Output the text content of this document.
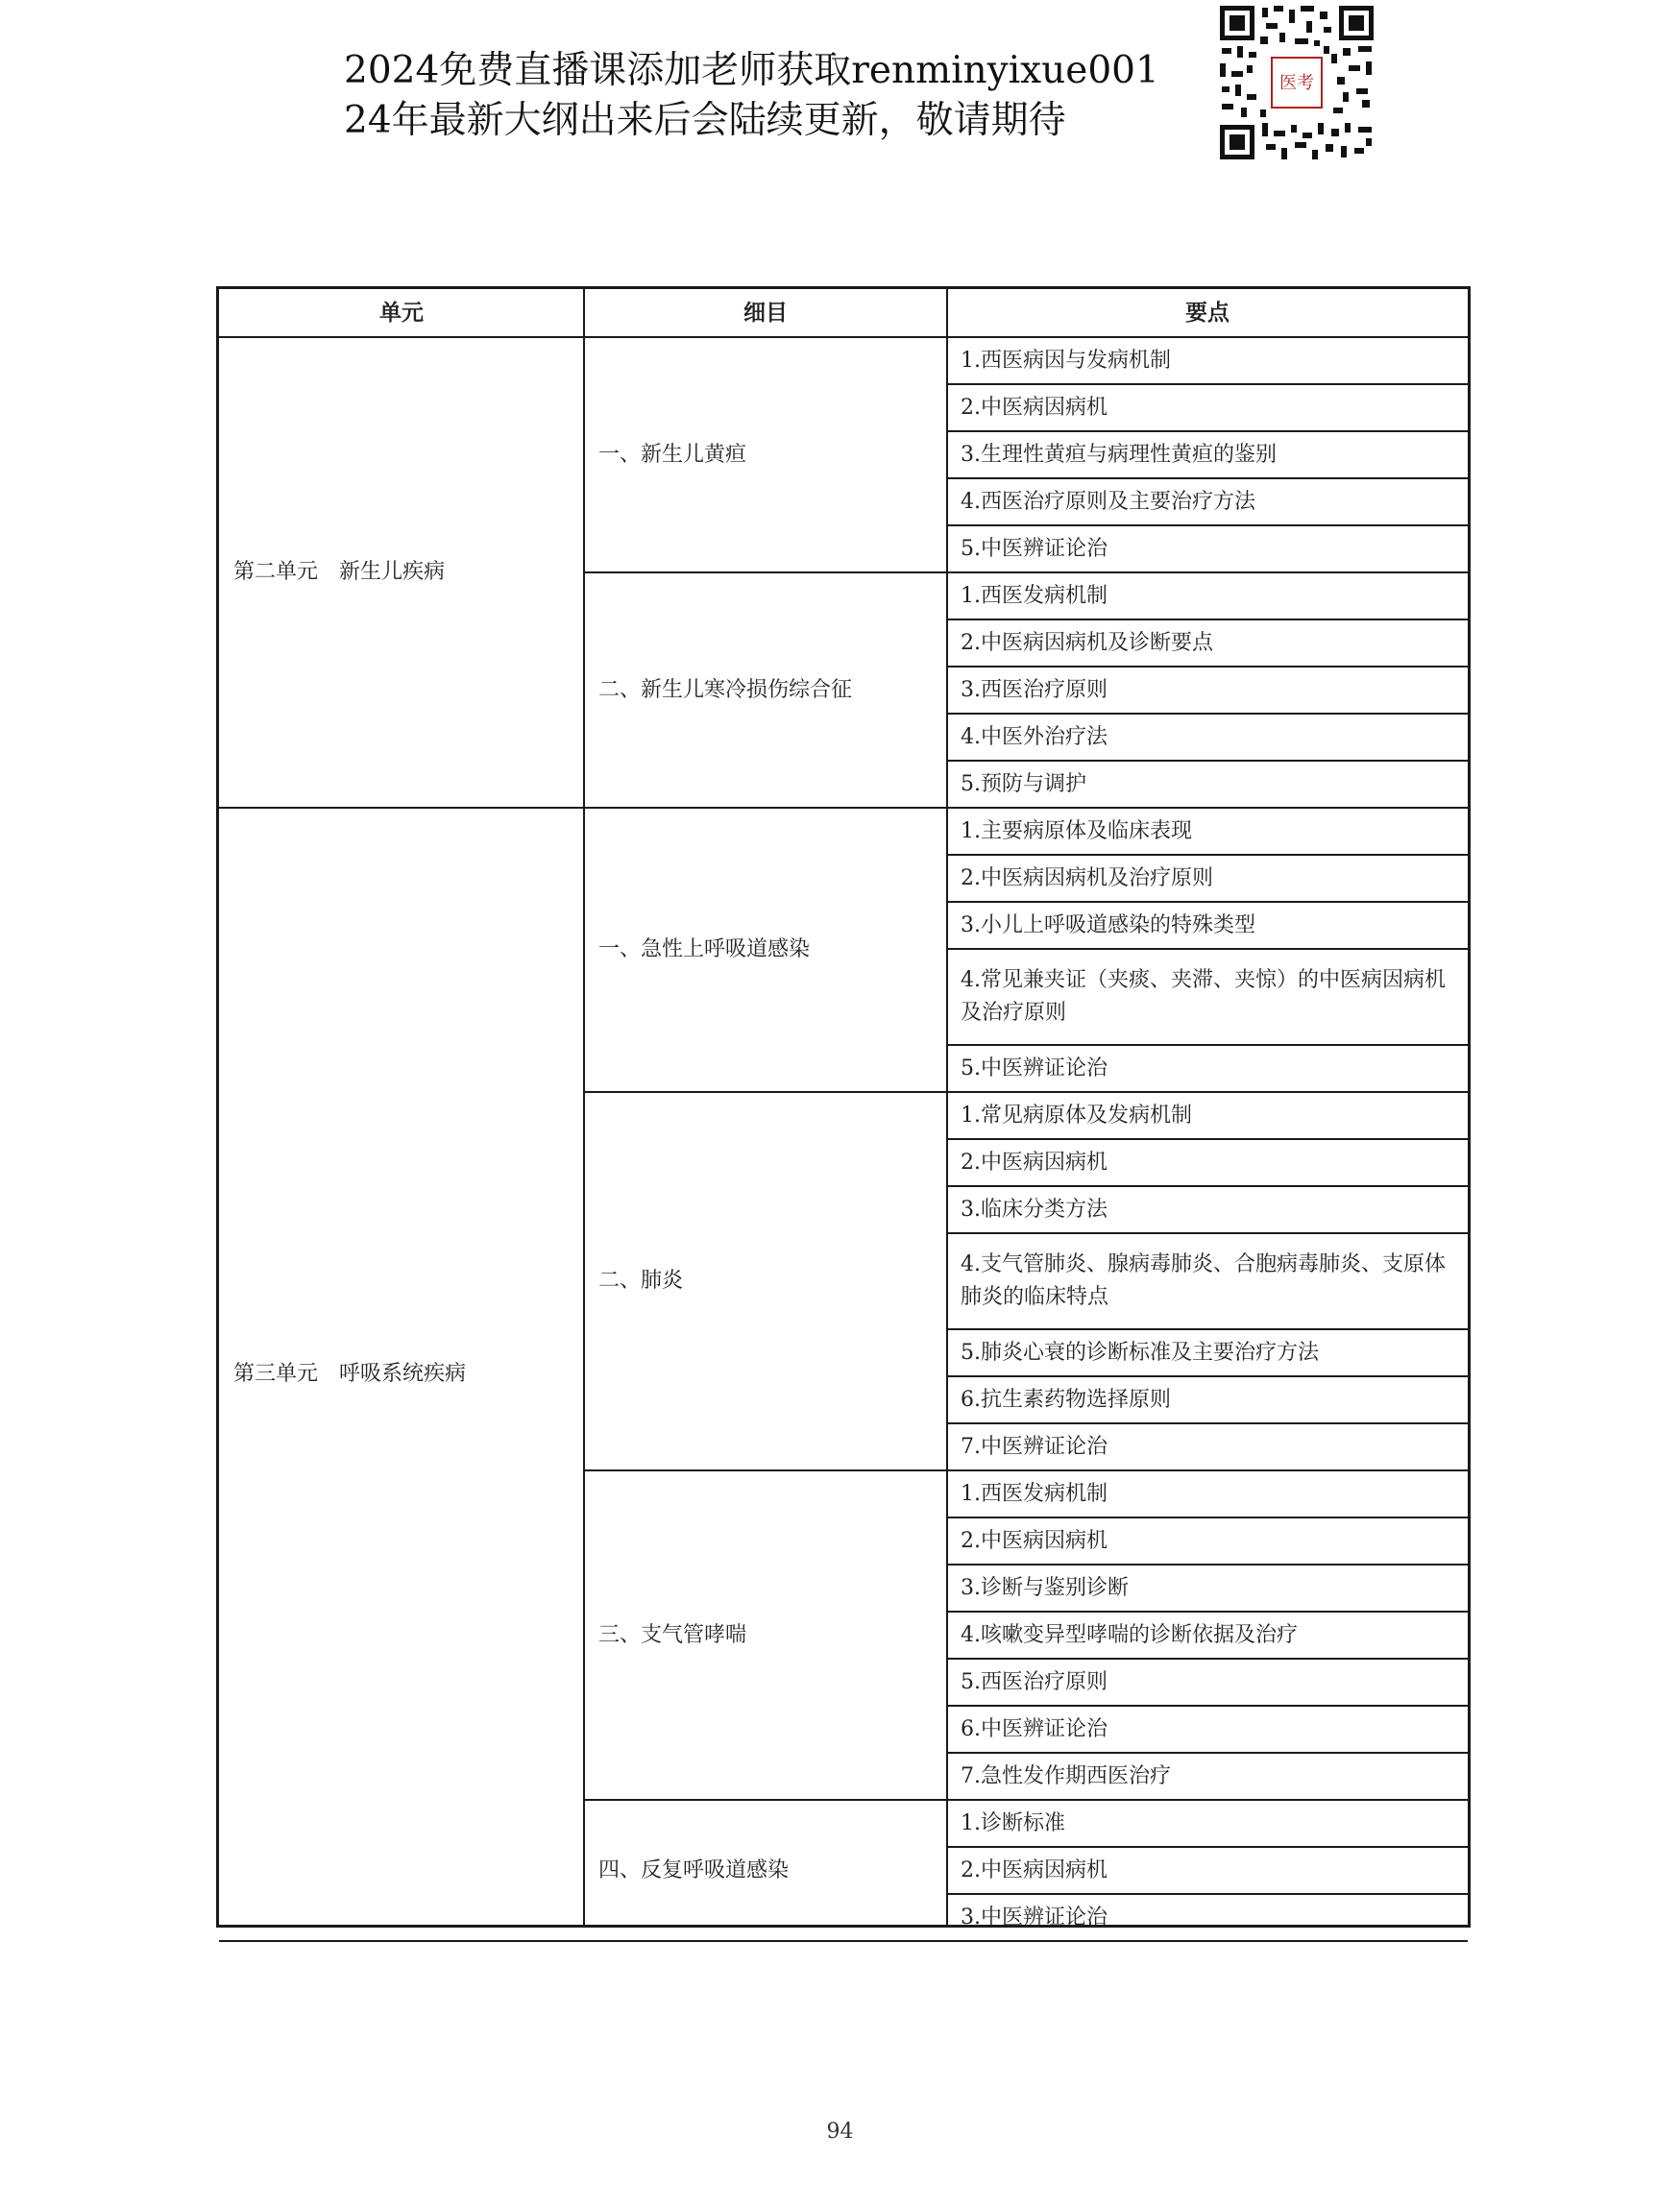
2024免费直播课添加老师获取renminyixue001
24年最新大纲出来后会陆续更新，敬请期待
医考
单元	细目	要点
1.西医病因与发病机制
2.中医病因病机
3.生理性黄疸与病理性黄疸的鉴别
4.西医治疗原则及主要治疗方法
5.中医辨证论治
一、新生儿黄疸
1.西医发病机制
2.中医病因病机及诊断要点
3.西医治疗原则
4.中医外治疗法
5.预防与调护
二、新生儿寒冷损伤综合征
第二单元　新生儿疾病
1.主要病原体及临床表现
2.中医病因病机及治疗原则
3.小儿上呼吸道感染的特殊类型
4.常见兼夹证（夹痰、夹滞、夹惊）的中医病因病机及治疗原则
5.中医辨证论治
一、急性上呼吸道感染
1.常见病原体及发病机制
2.中医病因病机
3.临床分类方法
4.支气管肺炎、腺病毒肺炎、合胞病毒肺炎、支原体肺炎的临床特点
5.肺炎心衰的诊断标准及主要治疗方法
6.抗生素药物选择原则
7.中医辨证论治
二、肺炎
1.西医发病机制
2.中医病因病机
3.诊断与鉴别诊断
4.咳嗽变异型哮喘的诊断依据及治疗
5.西医治疗原则
6.中医辨证论治
7.急性发作期西医治疗
三、支气管哮喘
1.诊断标准
2.中医病因病机
3.中医辨证论治
四、反复呼吸道感染
第三单元　呼吸系统疾病
94
